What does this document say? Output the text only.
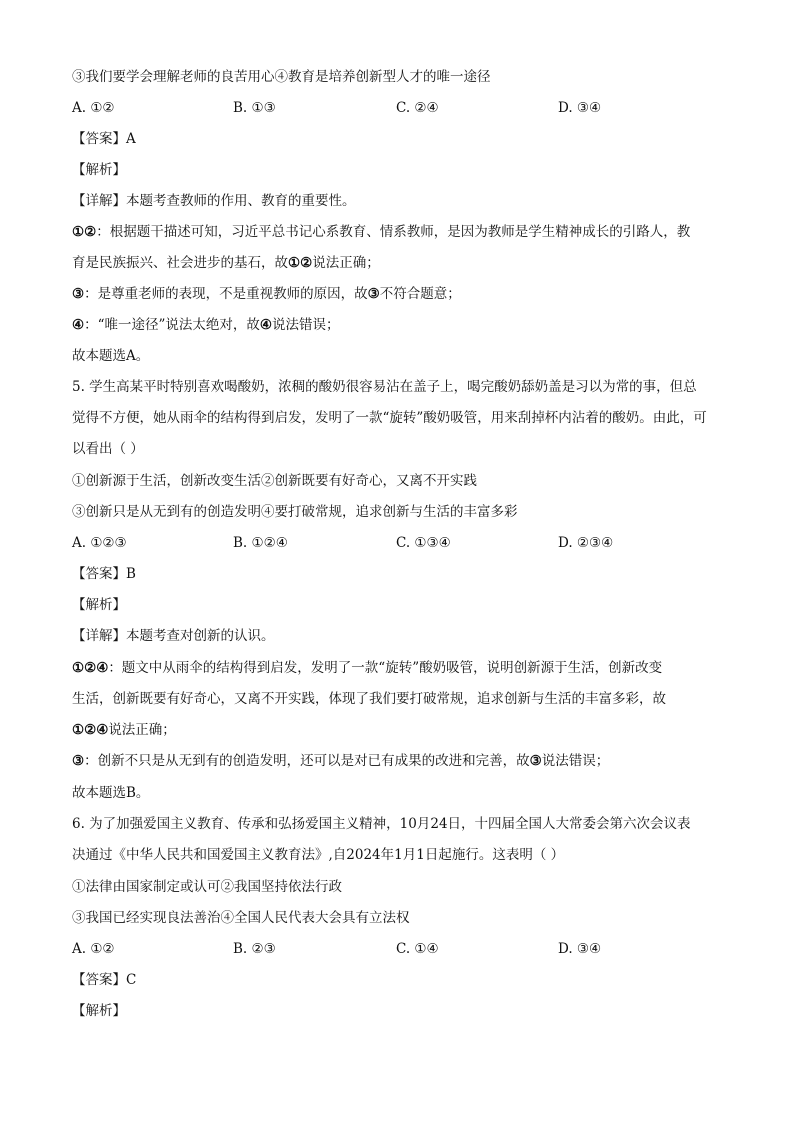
③我们要学会理解老师的良苦用心④教育是培养创新型人才的唯一途径
A. ①②	B. ①③	C. ②④	D. ③④
【答案】A
【解析】
【详解】本题考查教师的作用、教育的重要性。
①②：根据题干描述可知，习近平总书记心系教育、情系教师，是因为教师是学生精神成长的引路人，教
育是民族振兴、社会进步的基石，故①②说法正确；
③：是尊重老师的表现，不是重视教师的原因，故③不符合题意；
④：“唯一途径”说法太绝对，故④说法错误；
故本题选A。
5. 学生高某平时特别喜欢喝酸奶，浓稠的酸奶很容易沾在盖子上，喝完酸奶舔奶盖是习以为常的事，但总
觉得不方便，她从雨伞的结构得到启发，发明了一款“旋转”酸奶吸管，用来刮掉杯内沾着的酸奶。由此，可
以看出（ ）
①创新源于生活，创新改变生活②创新既要有好奇心，又离不开实践
③创新只是从无到有的创造发明④要打破常规，追求创新与生活的丰富多彩
A. ①②③	B. ①②④	C. ①③④	D. ②③④
【答案】B
【解析】
【详解】本题考查对创新的认识。
①②④：题文中从雨伞的结构得到启发，发明了一款“旋转”酸奶吸管，说明创新源于生活，创新改变
生活，创新既要有好奇心，又离不开实践，体现了我们要打破常规，追求创新与生活的丰富多彩，故
①②④说法正确；
③：创新不只是从无到有的创造发明，还可以是对已有成果的改进和完善，故③说法错误；
故本题选B。
6. 为了加强爱国主义教育、传承和弘扬爱国主义精神，10月24日，十四届全国人大常委会第六次会议表
决通过《中华人民共和国爱国主义教育法》,自2024年1月1日起施行。这表明（ ）
①法律由国家制定或认可②我国坚持依法行政
③我国已经实现良法善治④全国人民代表大会具有立法权
A. ①②	B. ②③	C. ①④	D. ③④
【答案】C
【解析】
